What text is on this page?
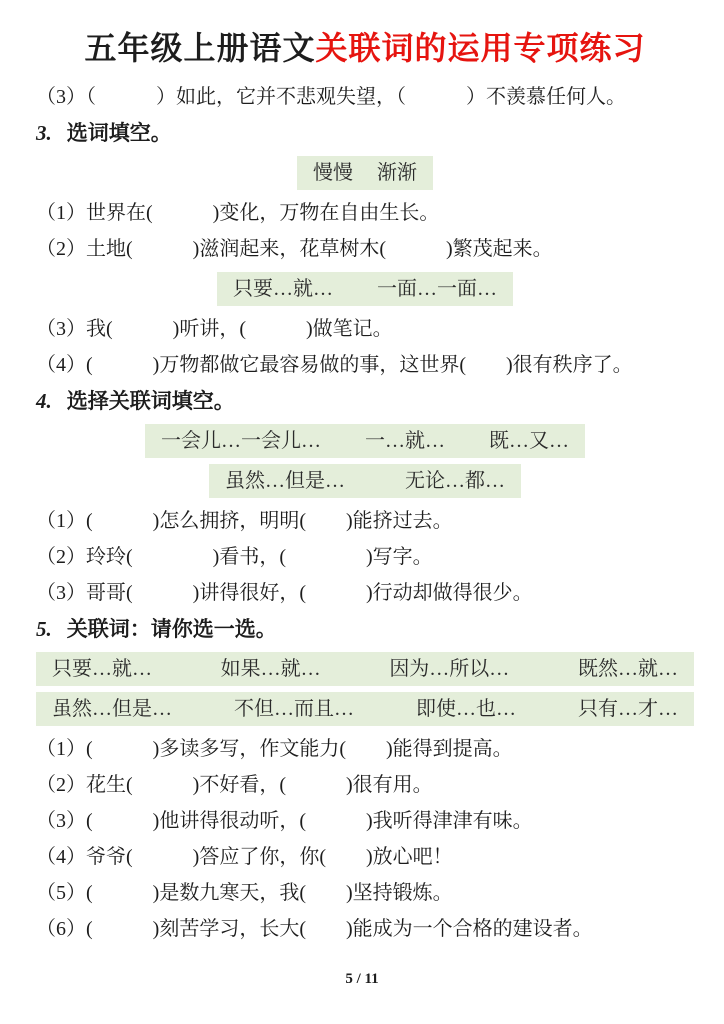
五年级上册语文关联词的运用专项练习

（3）（　　　）如此，它并不悲观失望，（　　　）不羡慕任何人。

3. 选词填空。

慢慢 渐渐

（1）世界在(　　　)变化，万物在自由生长。

（2）土地(　　　)滋润起来，花草树木(　　　)繁茂起来。

只要…就… 一面…一面…

（3）我(　　　)听讲，(　　　)做笔记。

（4）(　　　)万物都做它最容易做的事，这世界(　　)很有秩序了。

4. 选择关联词填空。

一会儿…一会儿… 一…就… 既…又…
虽然…但是…	无论…都…

（1）(　　　)怎么拥挤，明明(　　)能挤过去。

（2）玲玲(　　　　)看书，(　　　　)写字。

（3）哥哥(　　　)讲得很好，(　　　)行动却做得很少。

5. 关联词：请你选一选。

只要…就…	如果…就…	因为…所以…	既然…就…
虽然…但是…	不但…而且…	即使…也…	只有…才…

（1）(　　　)多读多写，作文能力(　　)能得到提高。

（2）花生(　　　)不好看，(　　　)很有用。

（3）(　　　)他讲得很动听，(　　　)我听得津津有味。

（4）爷爷(　　　)答应了你，你(　　)放心吧！

（5）(　　　)是数九寒天，我(　　)坚持锻炼。

（6）(　　　)刻苦学习，长大(　　)能成为一个合格的建设者。

5 / 11
